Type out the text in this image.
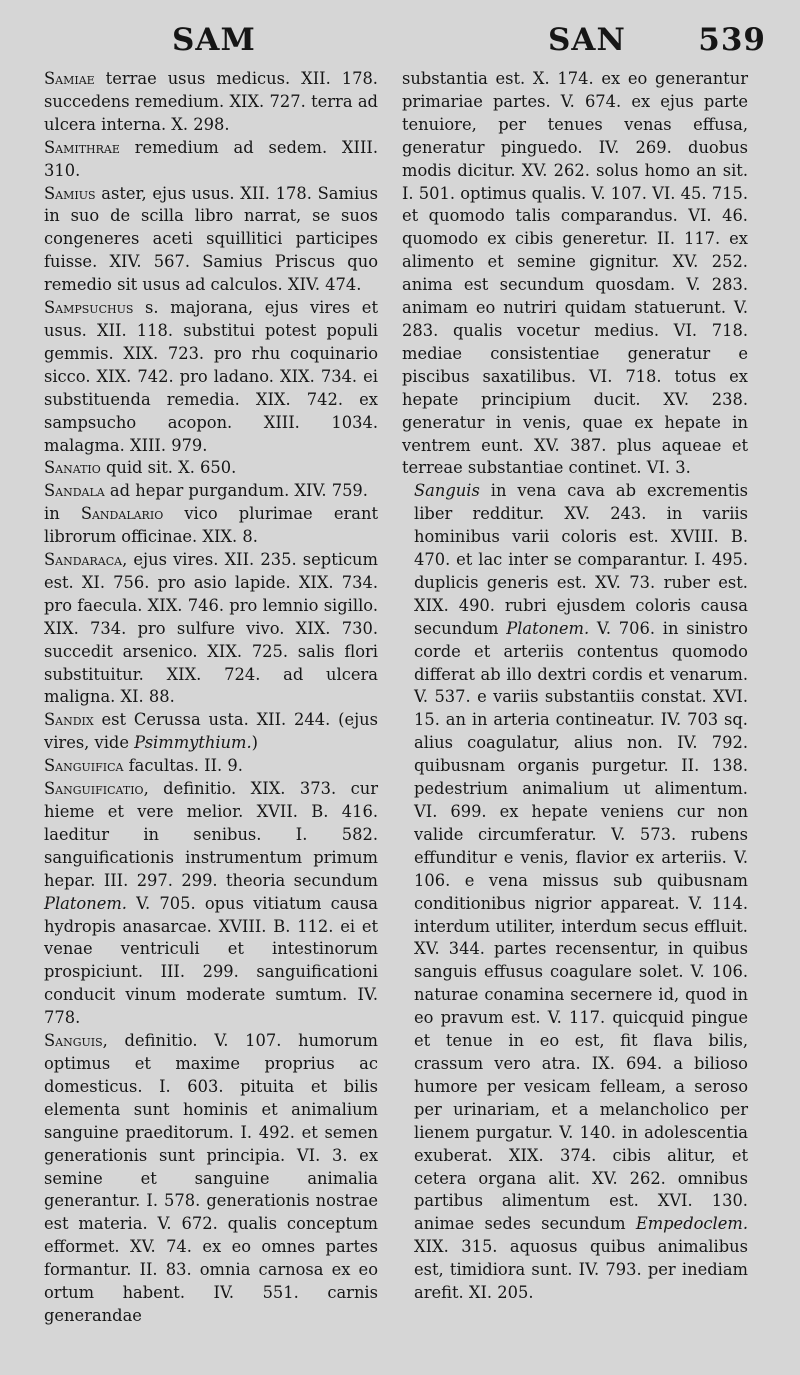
SAM	SAN 539

Samiae terrae usus medicus. XII. 178. succedens remedium. XIX. 727. terra ad ulcera interna. X. 298.

Samithrae remedium ad sedem. XIII. 310.

Samius aster, ejus usus. XII. 178. Samius in suo de scilla libro narrat, se suos congeneres aceti squillitici participes fuisse. XIV. 567. Samius Priscus quo remedio sit usus ad calculos. XIV. 474.

Sampsuchus s. majorana, ejus vires et usus. XII. 118. substitui potest populi gemmis. XIX. 723. pro rhu coquinario sicco. XIX. 742. pro ladano. XIX. 734. ei substituenda remedia. XIX. 742. ex sampsucho acopon. XIII. 1034. malagma. XIII. 979.

Sanatio quid sit. X. 650.

Sandala ad hepar purgandum. XIV. 759.

in Sandalario vico plurimae erant librorum officinae. XIX. 8.

Sandaraca, ejus vires. XII. 235. septicum est. XI. 756. pro asio lapide. XIX. 734. pro faecula. XIX. 746. pro lemnio sigillo. XIX. 734. pro sulfure vivo. XIX. 730. succedit arsenico. XIX. 725. salis flori substituitur. XIX. 724. ad ulcera maligna. XI. 88.

Sandix est Cerussa usta. XII. 244. (ejus vires, vide Psimmythium.)

Sanguifica facultas. II. 9.

Sanguificatio, definitio. XIX. 373. cur hieme et vere melior. XVII. B. 416. laeditur in senibus. I. 582. sanguificationis instrumentum primum hepar. III. 297. 299. theoria secundum Platonem. V. 705. opus vitiatum causa hydropis anasarcae. XVIII. B. 112. ei et venae ventriculi et intestinorum prospiciunt. III. 299. sanguificationi conducit vinum moderate sumtum. IV. 778.

Sanguis, definitio. V. 107. humorum optimus et maxime proprius ac domesticus. I. 603. pituita et bilis elementa sunt hominis et animalium sanguine praeditorum. I. 492. et semen generationis sunt principia. VI. 3. ex semine et sanguine animalia generantur. I. 578. generationis nostrae est materia. V. 672. qualis conceptum efformet. XV. 74. ex eo omnes partes formantur. II. 83. omnia carnosa ex eo ortum habent. IV. 551. carnis generandae

substantia est. X. 174. ex eo generantur primariae partes. V. 674. ex ejus parte tenuiore, per tenues venas effusa, generatur pinguedo. IV. 269. duobus modis dicitur. XV. 262. solus homo an sit. I. 501. optimus qualis. V. 107. VI. 45. 715. et quomodo talis comparandus. VI. 46. quomodo ex cibis generetur. II. 117. ex alimento et semine gignitur. XV. 252. anima est secundum quosdam. V. 283. animam eo nutriri quidam statuerunt. V. 283. qualis vocetur medius. VI. 718. mediae consistentiae generatur e piscibus saxatilibus. VI. 718. totus ex hepate principium ducit. XV. 238. generatur in venis, quae ex hepate in ventrem eunt. XV. 387. plus aqueae et terreae substantiae continet. VI. 3.

Sanguis in vena cava ab excrementis liber redditur. XV. 243. in variis hominibus varii coloris est. XVIII. B. 470. et lac inter se comparantur. I. 495. duplicis generis est. XV. 73. ruber est. XIX. 490. rubri ejusdem coloris causa secundum Platonem. V. 706. in sinistro corde et arteriis contentus quomodo differat ab illo dextri cordis et venarum. V. 537. e variis substantiis constat. XVI. 15. an in arteria contineatur. IV. 703 sq. alius coagulatur, alius non. IV. 792. quibusnam organis purgetur. II. 138. pedestrium animalium ut alimentum. VI. 699. ex hepate veniens cur non valide circumferatur. V. 573. rubens effunditur e venis, flavior ex arteriis. V. 106. e vena missus sub quibusnam conditionibus nigrior appareat. V. 114. interdum utiliter, interdum secus effluit. XV. 344. partes recensentur, in quibus sanguis effusus coagulare solet. V. 106. naturae conamina secernere id, quod in eo pravum est. V. 117. quicquid pingue et tenue in eo est, fit flava bilis, crassum vero atra. IX. 694. a bilioso humore per vesicam felleam, a seroso per urinariam, et a melancholico per lienem purgatur. V. 140. in adolescentia exuberat. XIX. 374. cibis alitur, et cetera organa alit. XV. 262. omnibus partibus alimentum est. XVI. 130. animae sedes secundum Empedoclem. XIX. 315. aquosus quibus animalibus est, timidiora sunt. IV. 793. per inediam arefit. XI. 205.
